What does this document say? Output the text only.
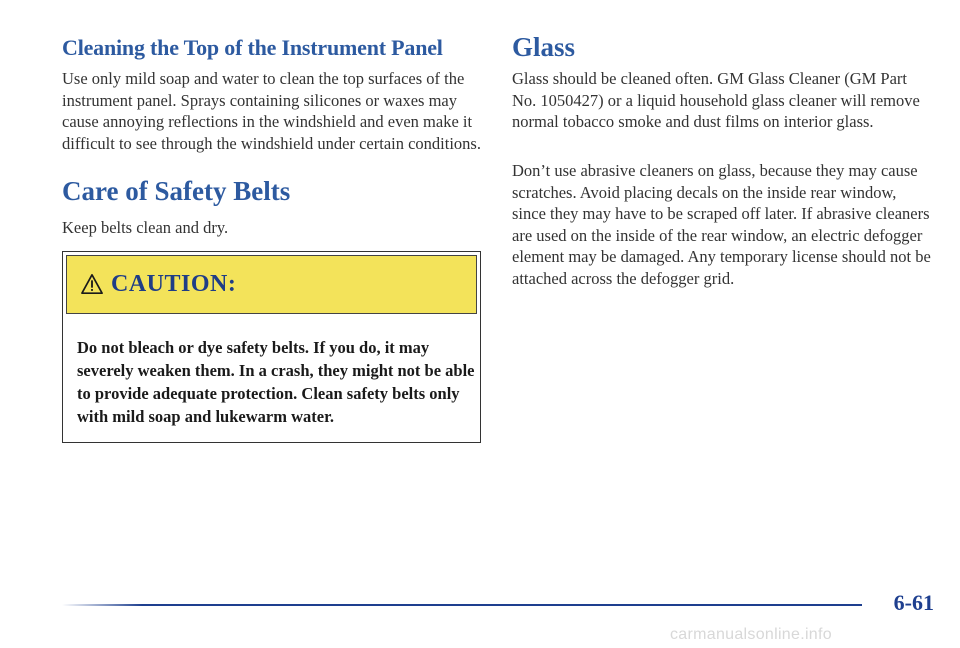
Cleaning the Top of the Instrument Panel

Use only mild soap and water to clean the top surfaces of the instrument panel. Sprays containing silicones or waxes may cause annoying reflections in the windshield and even make it difficult to see through the windshield under certain conditions.

Care of Safety Belts

Keep belts clean and dry.

CAUTION:
Do not bleach or dye safety belts. If you do, it may severely weaken them. In a crash, they might not be able to provide adequate protection. Clean safety belts only with mild soap and lukewarm water.
Glass

Glass should be cleaned often. GM Glass Cleaner (GM Part No. 1050427) or a liquid household glass cleaner will remove normal tobacco smoke and dust films on interior glass.

Don’t use abrasive cleaners on glass, because they may cause scratches. Avoid placing decals on the inside rear window, since they may have to be scraped off later. If abrasive cleaners are used on the inside of the rear window, an electric defogger element may be damaged. Any temporary license should not be attached across the defogger grid.

6-61
carmanualsonline.info
